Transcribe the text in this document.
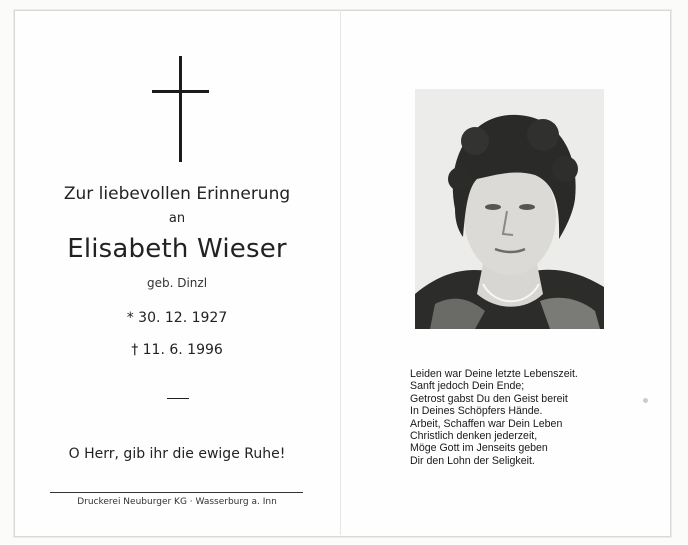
Zur liebevollen Erinnerung
an
Elisabeth Wieser
geb. Dinzl
* 30. 12. 1927
† 11. 6. 1996
O Herr, gib ihr die ewige Ruhe!
Druckerei Neuburger KG · Wasserburg a. Inn
Leiden war Deine letzte Lebenszeit.
Sanft jedoch Dein Ende;
Getrost gabst Du den Geist bereit
In Deines Schöpfers Hände.
Arbeit, Schaffen war Dein Leben
Christlich denken jederzeit,
Möge Gott im Jenseits geben
Dir den Lohn der Seligkeit.
